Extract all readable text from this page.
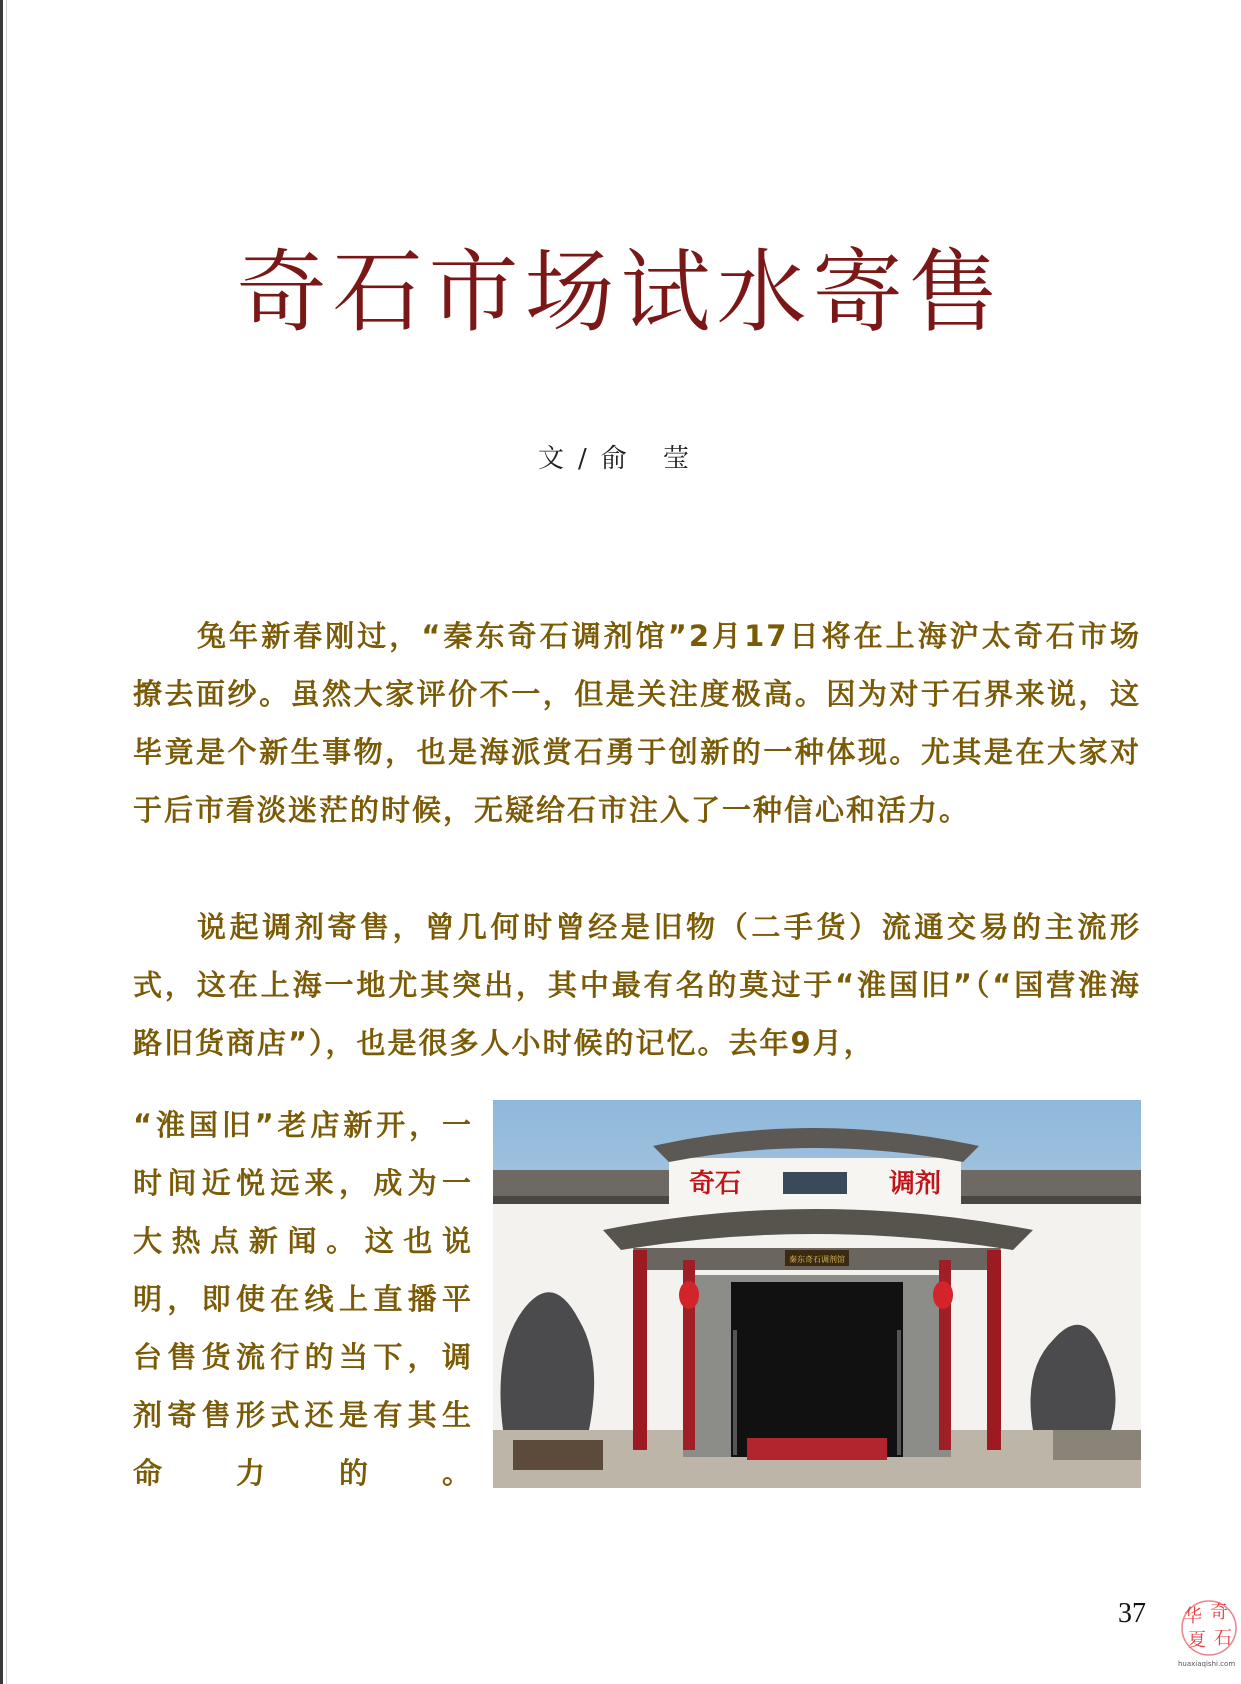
奇石市场试水寄售
文/俞 莹
兔年新春刚过，“秦东奇石调剂馆”2月17日将在上海沪太奇石市场撩去面纱。虽然大家评价不一，但是关注度极高。因为对于石界来说，这毕竟是个新生事物，也是海派赏石勇于创新的一种体现。尤其是在大家对于后市看淡迷茫的时候，无疑给石市注入了一种信心和活力。
说起调剂寄售，曾几何时曾经是旧物（二手货）流通交易的主流形式，这在上海一地尤其突出，其中最有名的莫过于“淮国旧”（“国营淮海路旧货商店”），也是很多人小时候的记忆。去年9月，
“淮国旧”老店新开，一时间近悦远来，成为一大热点新闻。这也说明，即使在线上直播平台售货流行的当下，调剂寄售形式还是有其生命力的。
奇石	调剂
秦东奇石调剂馆
37 华 奇
夏 石
huaxiaqishi.com
